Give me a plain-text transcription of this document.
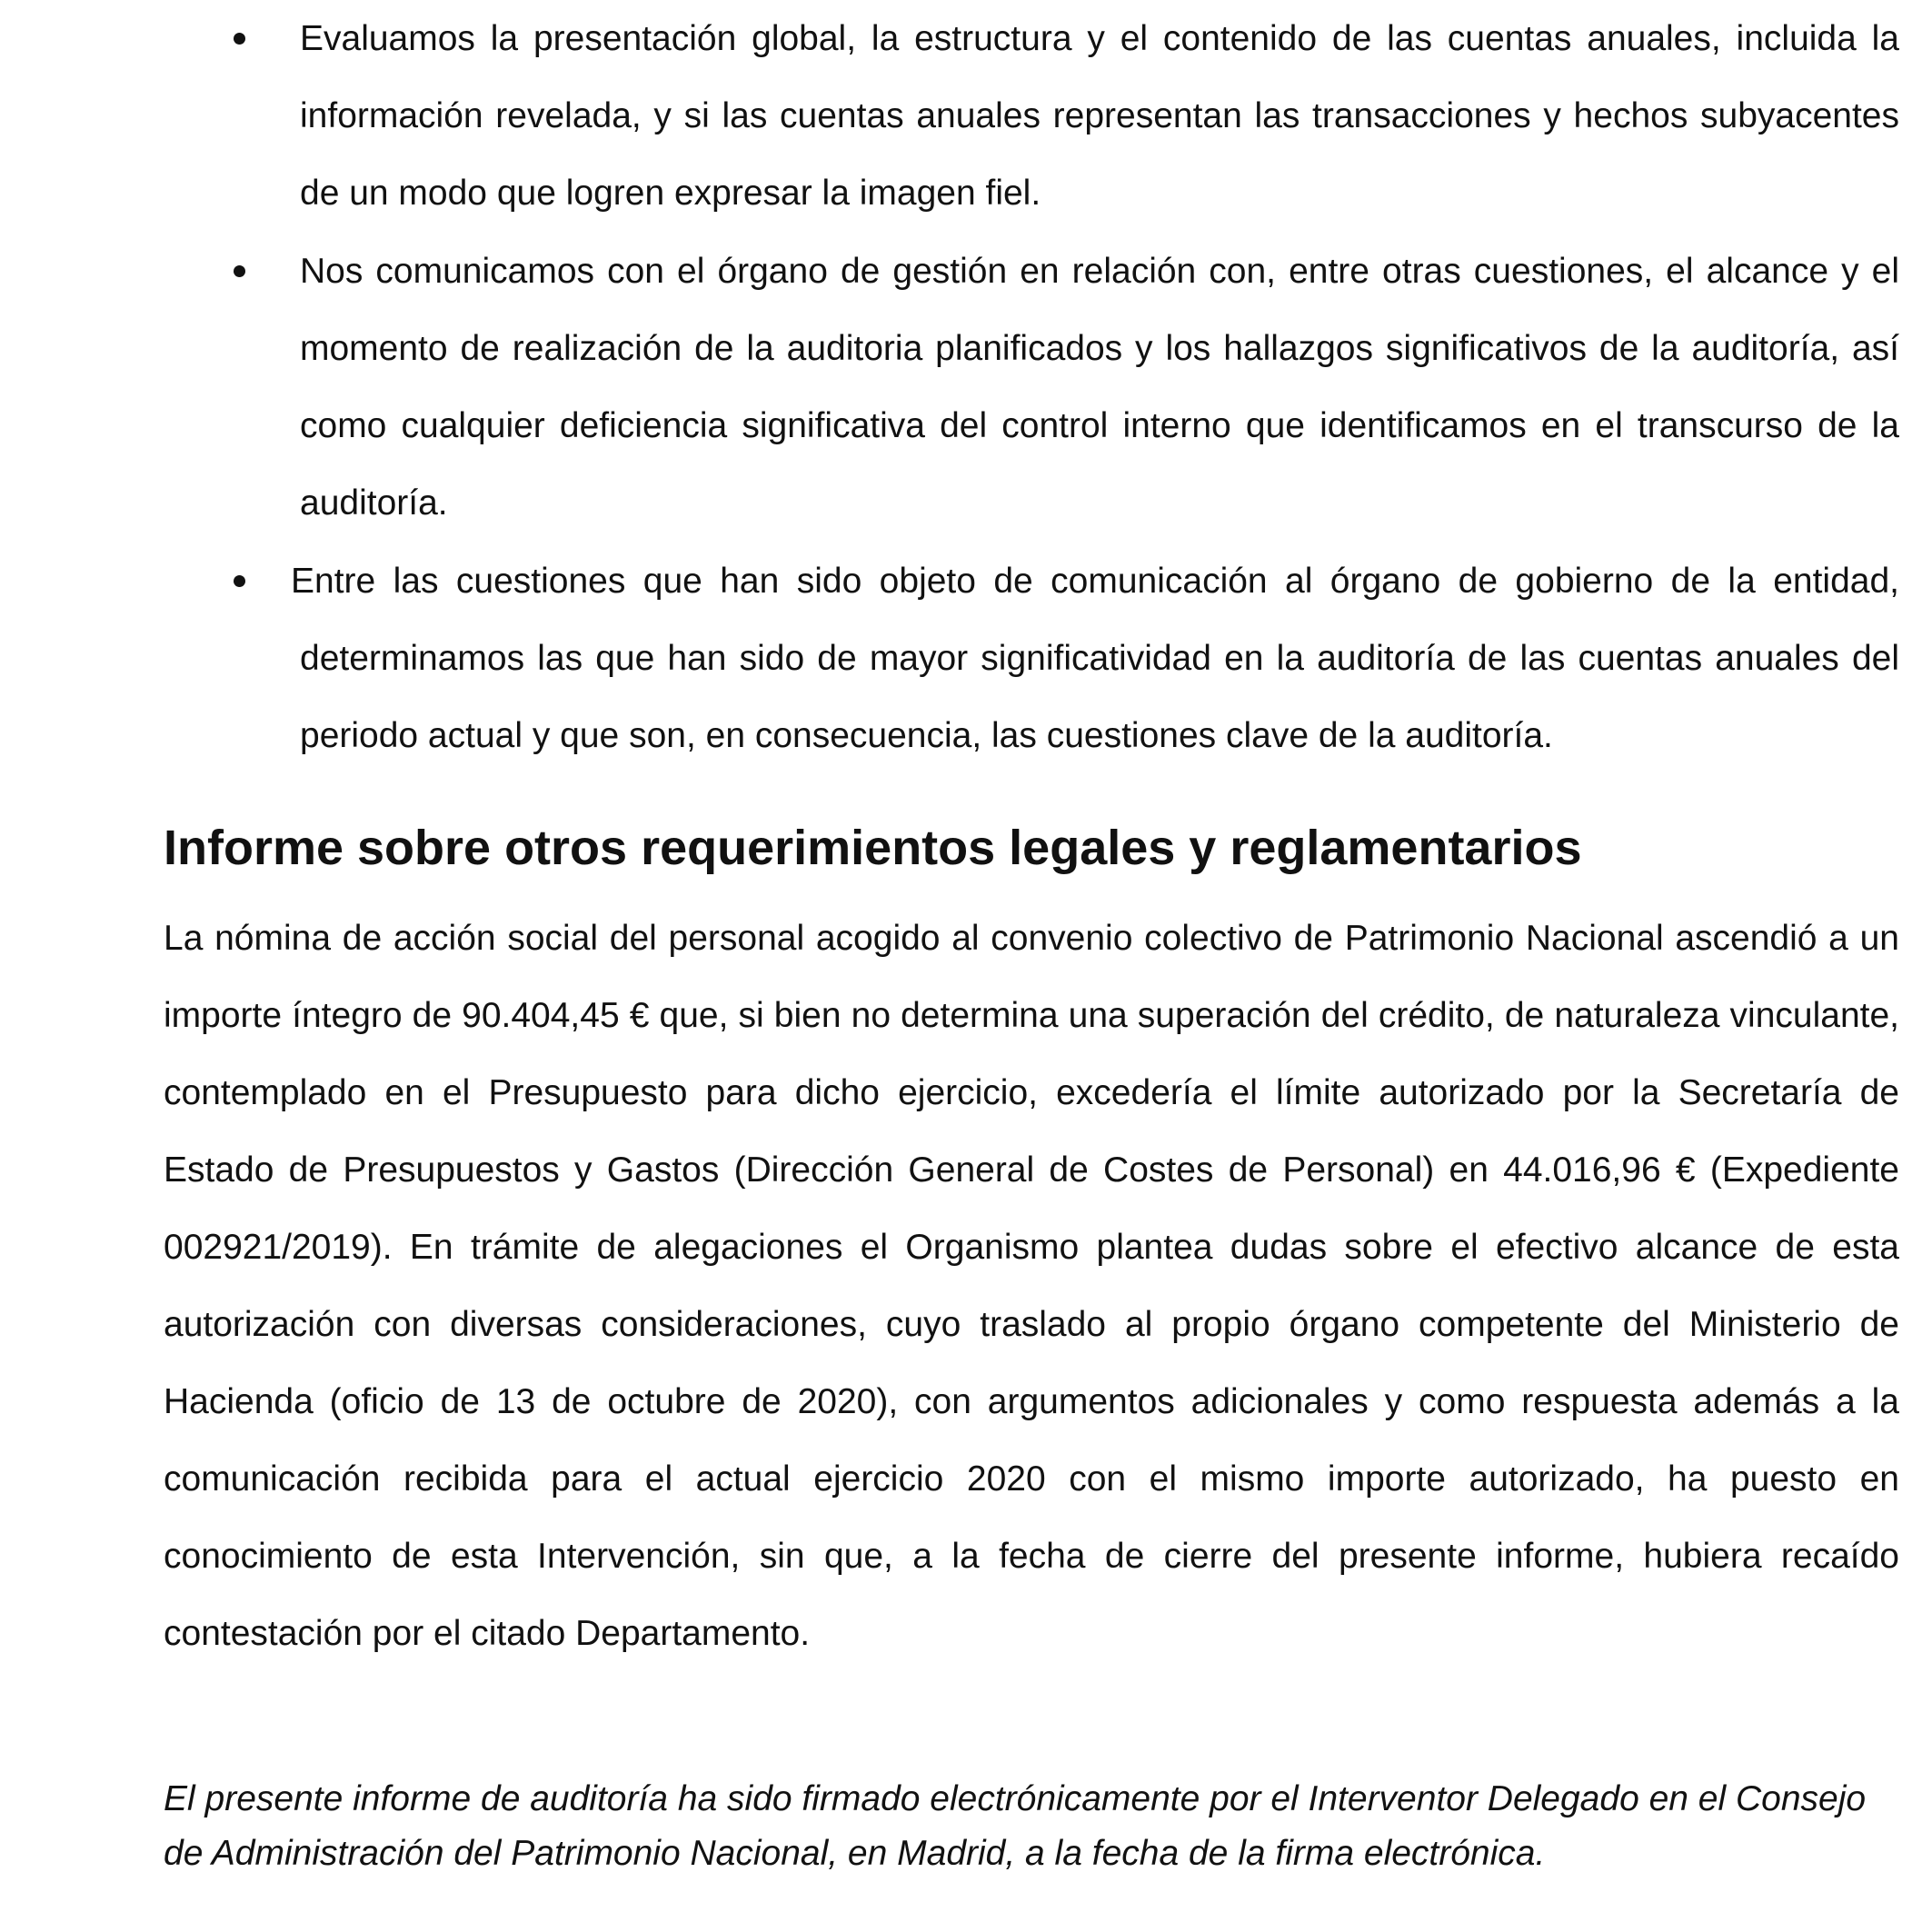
Evaluamos la presentación global, la estructura y el contenido de las cuentas anuales, incluida la información revelada, y si las cuentas anuales representan las transacciones y hechos subyacentes de un modo que logren expresar la imagen fiel.
Nos comunicamos con el órgano de gestión en relación con, entre otras cuestiones, el alcance y el momento de realización de la auditoria planificados y los hallazgos significativos de la auditoría, así como cualquier deficiencia significativa del control interno que identificamos en el transcurso de la auditoría.
Entre las cuestiones que han sido objeto de comunicación al órgano de gobierno de la entidad, determinamos las que han sido de mayor significatividad en la auditoría de las cuentas anuales del periodo actual y que son, en consecuencia, las cuestiones clave de la auditoría.
Informe sobre otros requerimientos legales y reglamentarios

La nómina de acción social del personal acogido al convenio colectivo de Patrimonio Nacional ascendió a un importe íntegro de 90.404,45 € que, si bien no determina una superación del crédito, de naturaleza vinculante, contemplado en el Presupuesto para dicho ejercicio, excedería el límite autorizado por la Secretaría de Estado de Presupuestos y Gastos (Dirección General de Costes de Personal) en 44.016,96 € (Expediente 002921/2019). En trámite de alegaciones el Organismo plantea dudas sobre el efectivo alcance de esta autorización con diversas consideraciones, cuyo traslado al propio órgano competente del Ministerio de Hacienda (oficio de 13 de octubre de 2020), con argumentos adicionales y como respuesta además a la comunicación recibida para el actual ejercicio 2020 con el mismo importe autorizado, ha puesto en conocimiento de esta Intervención, sin que, a la fecha de cierre del presente informe, hubiera recaído contestación por el citado Departamento.

El presente informe de auditoría ha sido firmado electrónicamente por el Interventor Delegado en el Consejo de Administración del Patrimonio Nacional, en Madrid, a la fecha de la firma electrónica.
